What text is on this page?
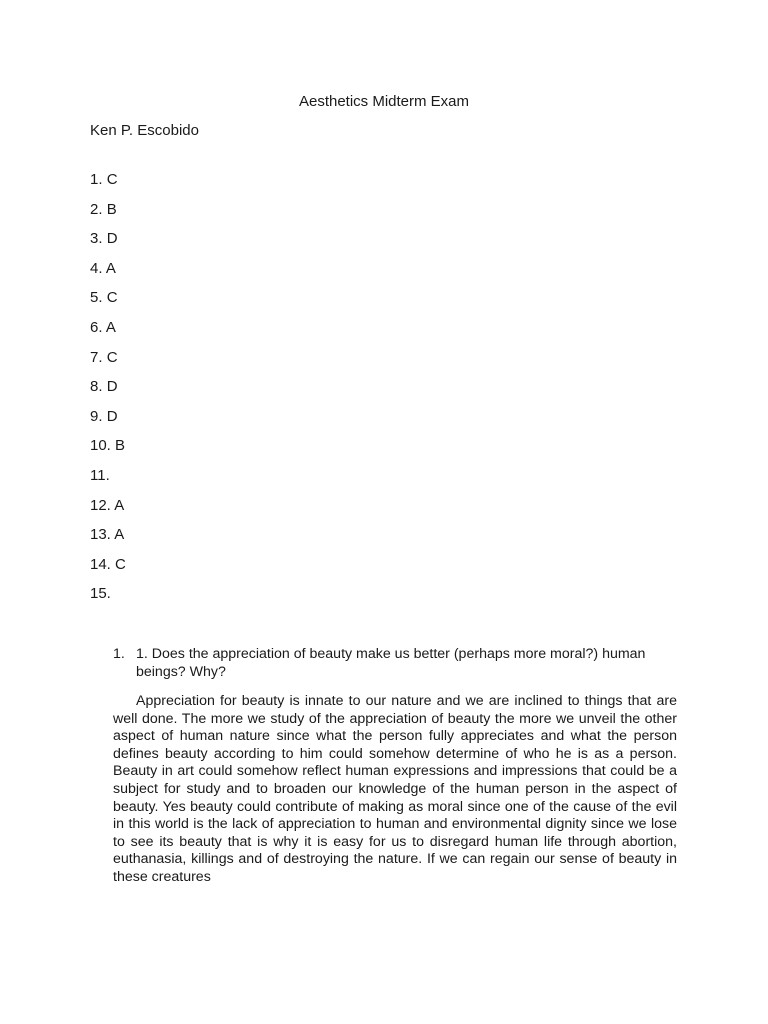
Aesthetics Midterm Exam
Ken P. Escobido
1. C
2. B
3. D
4. A
5. C
6. A
7. C
8. D
9. D
10. B
11.
12. A
13. A
14. C
15.
1. 1. Does the appreciation of beauty make us better (perhaps more moral?) human beings? Why?

Appreciation for beauty is innate to our nature and we are inclined to things that are well done. The more we study of the appreciation of beauty the more we unveil the other aspect of human nature since what the person fully appreciates and what the person defines beauty according to him could somehow determine of who he is as a person. Beauty in art could somehow reflect human expressions and impressions that could be a subject for study and to broaden our knowledge of the human person in the aspect of beauty. Yes beauty could contribute of making as moral since one of the cause of the evil in this world is the lack of appreciation to human and environmental dignity since we lose to see its beauty that is why it is easy for us to disregard human life through abortion, euthanasia, killings and of destroying the nature. If we can regain our sense of beauty in these creatures
